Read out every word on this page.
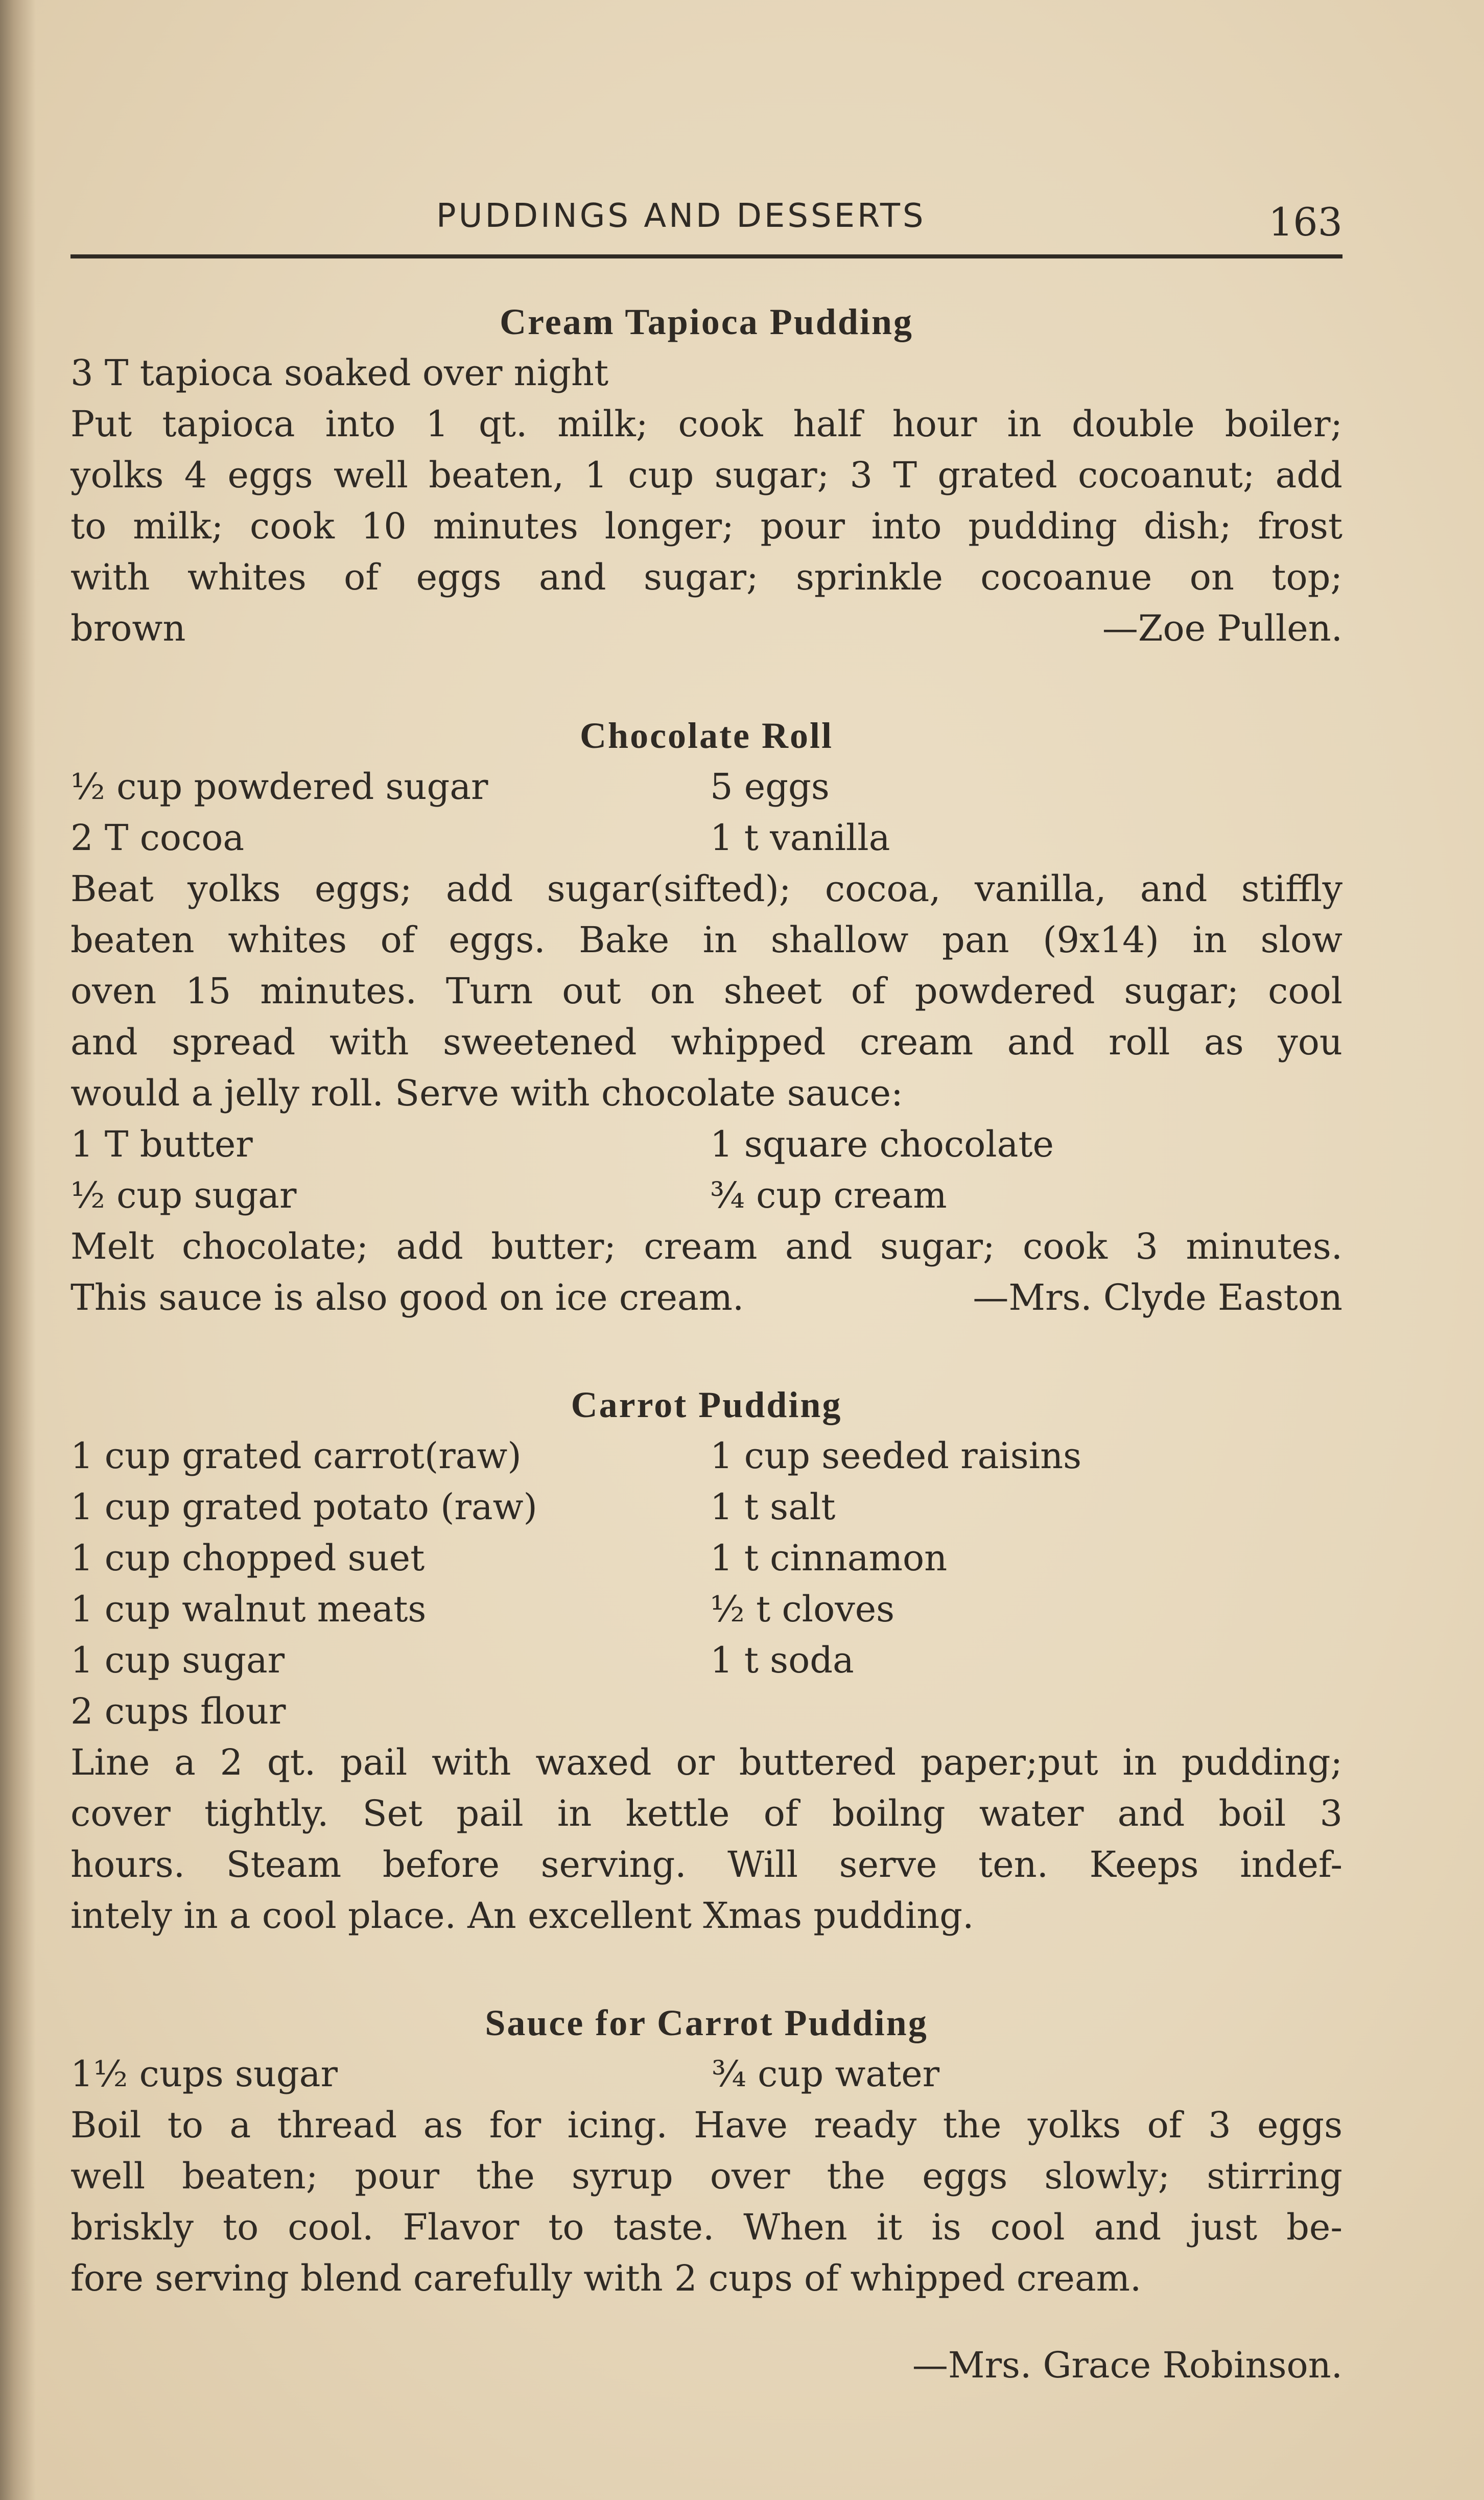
PUDDINGS AND DESSERTS	163

Cream Tapioca Pudding

3 T tapioca soaked over night

Put tapioca into 1 qt. milk; cook half hour in double boiler;

yolks 4 eggs well beaten, 1 cup sugar; 3 T grated cocoanut; add

to milk; cook 10 minutes longer; pour into pudding dish; frost

with whites of eggs and sugar; sprinkle cocoanue on top;

brown	—Zoe Pullen.

Chocolate Roll

½ cup powdered sugar	5 eggs
2 T cocoa	1 t vanilla

Beat yolks eggs; add sugar(sifted); cocoa, vanilla, and stiffly

beaten whites of eggs. Bake in shallow pan (9x14) in slow

oven 15 minutes. Turn out on sheet of powdered sugar; cool

and spread with sweetened whipped cream and roll as you

would a jelly roll. Serve with chocolate sauce:

1 T butter	1 square chocolate
½ cup sugar	¾ cup cream

Melt chocolate; add butter; cream and sugar; cook 3 minutes.

This sauce is also good on ice cream.	—Mrs. Clyde Easton

Carrot Pudding

1 cup grated carrot(raw)	1 cup seeded raisins
1 cup grated potato (raw)	1 t salt
1 cup chopped suet	1 t cinnamon
1 cup walnut meats	½ t cloves
1 cup sugar	1 t soda
2 cups flour

Line a 2 qt. pail with waxed or buttered paper;put in pudding;

cover tightly. Set pail in kettle of boilng water and boil 3

hours. Steam before serving. Will serve ten. Keeps indef-

intely in a cool place. An excellent Xmas pudding.

Sauce for Carrot Pudding

1½ cups sugar	¾ cup water

Boil to a thread as for icing. Have ready the yolks of 3 eggs

well beaten; pour the syrup over the eggs slowly; stirring

briskly to cool. Flavor to taste. When it is cool and just be-

fore serving blend carefully with 2 cups of whipped cream.

—Mrs. Grace Robinson.
